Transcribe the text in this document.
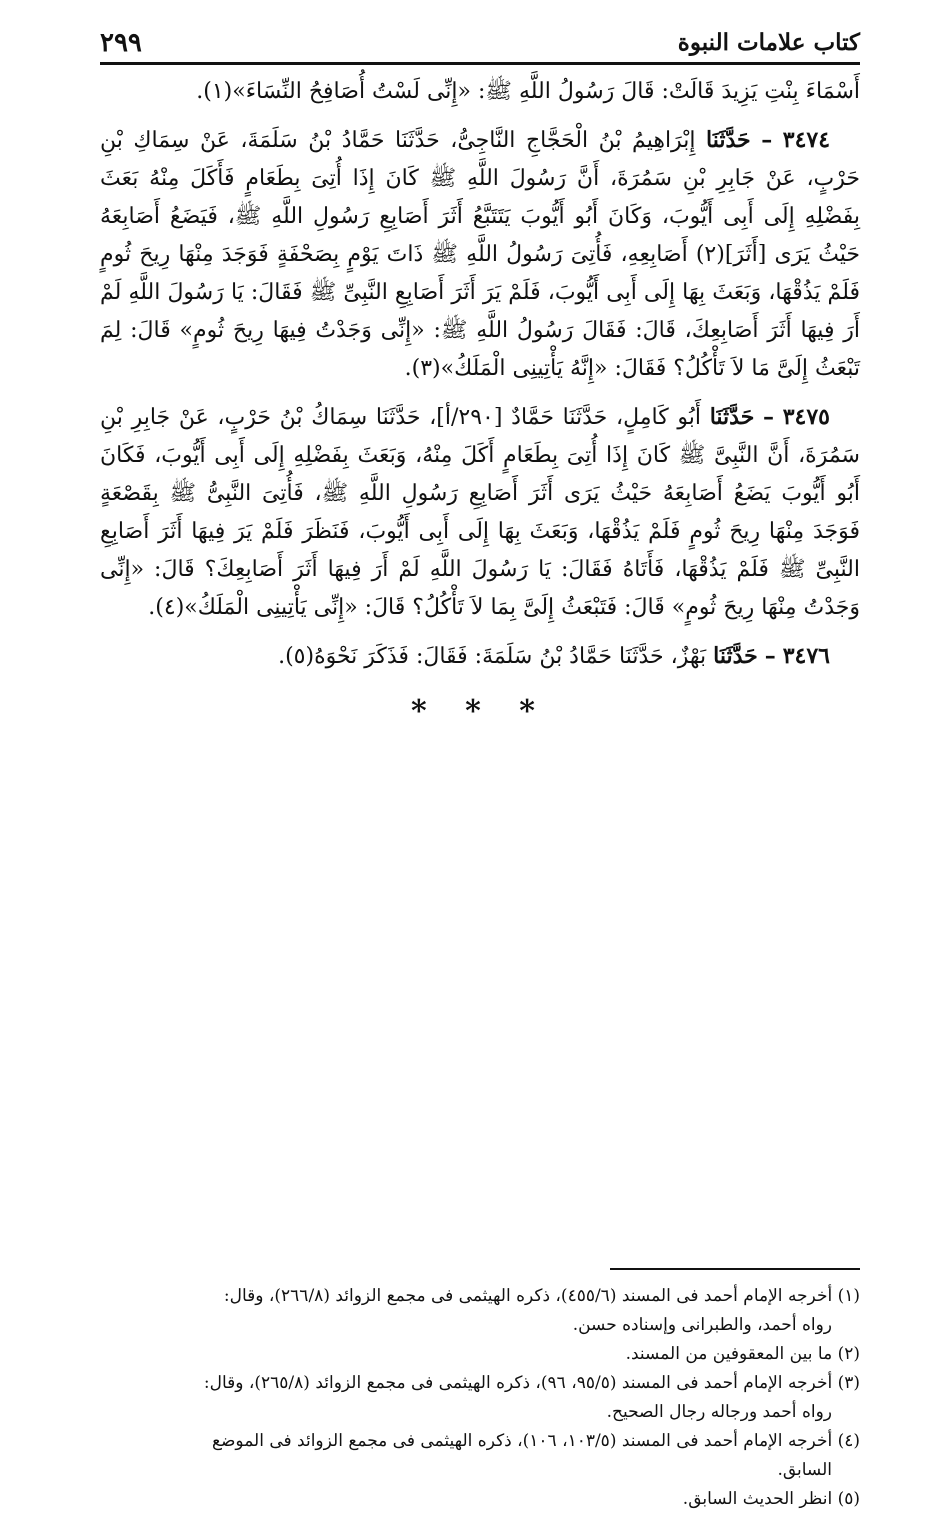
كتاب علامات النبوة
٢٩٩

أَسْمَاءَ بِنْتِ يَزِيدَ قَالَتْ: قَالَ رَسُولُ اللَّهِ ﷺ: «إِنِّى لَسْتُ أُصَافِحُ النِّسَاءَ»(١).

٣٤٧٤ – حَدَّثَنَا إِبْرَاهِيمُ بْنُ الْحَجَّاجِ النَّاجِىُّ، حَدَّثَنَا حَمَّادُ بْنُ سَلَمَةَ، عَنْ سِمَاكِ بْنِ حَرْبٍ، عَنْ جَابِرِ بْنِ سَمُرَةَ، أَنَّ رَسُولَ اللَّهِ ﷺ كَانَ إِذَا أُتِىَ بِطَعَامٍ فَأَكَلَ مِنْهُ بَعَثَ بِفَضْلِهِ إِلَى أَبِى أَيُّوبَ، وَكَانَ أَبُو أَيُّوبَ يَتَتَبَّعُ أَثَرَ أَصَابِعِ رَسُولِ اللَّهِ ﷺ، فَيَضَعُ أَصَابِعَهُ حَيْثُ يَرَى [أَثَرَ](٢) أَصَابِعِهِ، فَأُتِىَ رَسُولُ اللَّهِ ﷺ ذَاتَ يَوْمٍ بِصَحْفَةٍ فَوَجَدَ مِنْهَا رِيحَ ثُومٍ فَلَمْ يَذُقْهَا، وَبَعَثَ بِهَا إِلَى أَبِى أَيُّوبَ، فَلَمْ يَرَ أَثَرَ أَصَابِعِ النَّبِىِّ ﷺ فَقَالَ: يَا رَسُولَ اللَّهِ لَمْ أَرَ فِيهَا أَثَرَ أَصَابِعِكَ، قَالَ: فَقَالَ رَسُولُ اللَّهِ ﷺ: «إِنِّى وَجَدْتُ فِيهَا رِيحَ ثُومٍ» قَالَ: لِمَ تَبْعَثُ إِلَىَّ مَا لاَ تَأْكُلُ؟ فَقَالَ: «إِنَّهُ يَأْتِينِى الْمَلَكُ»(٣).

٣٤٧٥ – حَدَّثَنَا أَبُو كَامِلٍ، حَدَّثَنَا حَمَّادٌ [٢٩٠/أ]، حَدَّثَنَا سِمَاكُ بْنُ حَرْبٍ، عَنْ جَابِرِ بْنِ سَمُرَةَ، أَنَّ النَّبِىَّ ﷺ كَانَ إِذَا أُتِىَ بِطَعَامٍ أَكَلَ مِنْهُ، وَبَعَثَ بِفَضْلِهِ إِلَى أَبِى أَيُّوبَ، فَكَانَ أَبُو أَيُّوبَ يَضَعُ أَصَابِعَهُ حَيْثُ يَرَى أَثَرَ أَصَابِعِ رَسُولِ اللَّهِ ﷺ، فَأُتِىَ النَّبِىُّ ﷺ بِقَصْعَةٍ فَوَجَدَ مِنْهَا رِيحَ ثُومٍ فَلَمْ يَذُقْهَا، وَبَعَثَ بِهَا إِلَى أَبِى أَيُّوبَ، فَنَظَرَ فَلَمْ يَرَ فِيهَا أَثَرَ أَصَابِعِ النَّبِىِّ ﷺ فَلَمْ يَذُقْهَا، فَأَتَاهُ فَقَالَ: يَا رَسُولَ اللَّهِ لَمْ أَرَ فِيهَا أَثَرَ أَصَابِعِكَ؟ قَالَ: «إِنِّى وَجَدْتُ مِنْهَا رِيحَ ثُومٍ» قَالَ: فَتَبْعَثُ إِلَىَّ بِمَا لاَ تَأْكُلُ؟ قَالَ: «إِنِّى يَأْتِينِى الْمَلَكُ»(٤).

٣٤٧٦ – حَدَّثَنَا بَهْزٌ، حَدَّثَنَا حَمَّادُ بْنُ سَلَمَةَ: فَقَالَ: فَذَكَرَ نَحْوَهُ(٥).

* * *

(١) أخرجه الإمام أحمد فى المسند (٤٥٥/٦)، ذكره الهيثمى فى مجمع الزوائد (٢٦٦/٨)، وقال:

رواه أحمد، والطبرانى وإسناده حسن.

(٢) ما بين المعقوفين من المسند.

(٣) أخرجه الإمام أحمد فى المسند (٩٥/٥، ٩٦)، ذكره الهيثمى فى مجمع الزوائد (٢٦٥/٨)، وقال:

رواه أحمد ورجاله رجال الصحيح.

(٤) أخرجه الإمام أحمد فى المسند (١٠٣/٥، ١٠٦)، ذكره الهيثمى فى مجمع الزوائد فى الموضع

السابق.

(٥) انظر الحديث السابق.
